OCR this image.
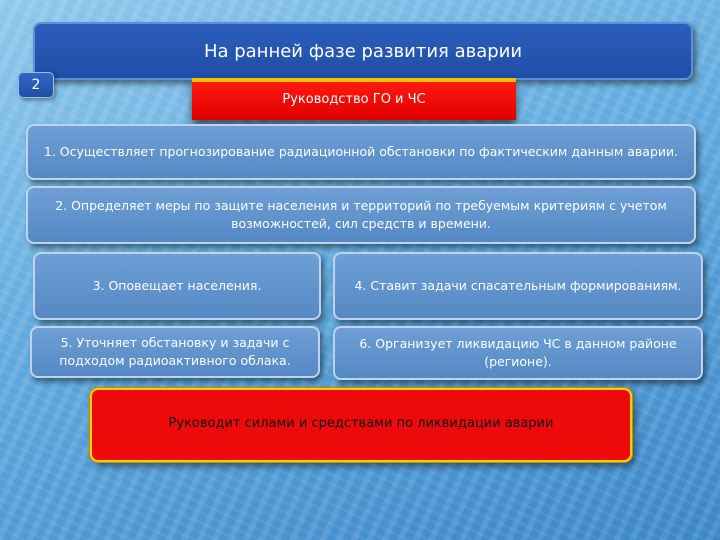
На ранней фазе развития аварии
2
Руководство ГО и ЧС
1. Осуществляет прогнозирование радиационной обстановки по фактическим данным аварии.
2. Определяет меры по защите населения и территорий по требуемым критериям с учетом возможностей, сил средств и времени.
3. Оповещает населения.	4. Ставит задачи спасательным формированиям.
5. Уточняет обстановку и задачи с подходом радиоактивного облака.
6. Организует ликвидацию ЧС в данном районе (регионе).
Руководит силами и средствами по ликвидации аварии
